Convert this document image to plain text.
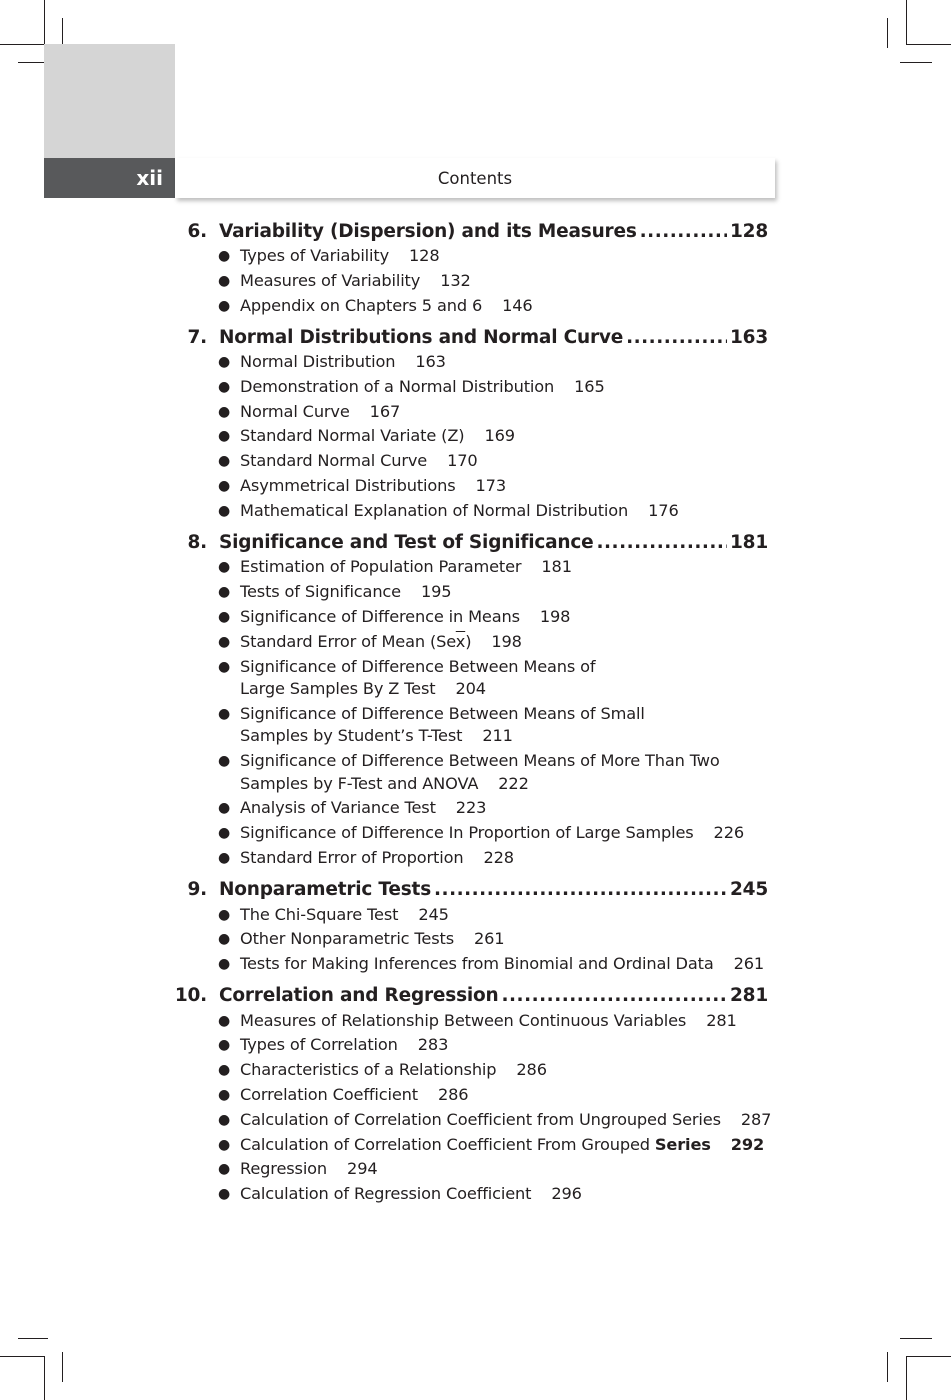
xii	Contents
6. Variability (Dispersion) and its Measures .....	128
● Types of Variability 128
● Measures of Variability 132
● Appendix on Chapters 5 and 6 146
7. Normal Distributions and Normal Curve .....	163
● Normal Distribution 163
● Demonstration of a Normal Distribution 165
● Normal Curve 167
● Standard Normal Variate (Z) 169
● Standard Normal Curve 170
● Asymmetrical Distributions 173
● Mathematical Explanation of Normal Distribution 176
8. Significance and Test of Significance .....	181
● Estimation of Population Parameter 181
● Tests of Significance 195
● Significance of Difference in Means 198
● Standard Error of Mean $(Se\overline{x})$ 198
● Significance of Difference Between Means of
Large Samples By Z Test 204
● Significance of Difference Between Means of Small
Samples by Student’s T-Test 211
● Significance of Difference Between Means of More Than Two
Samples by F-Test and ANOVA 222
● Analysis of Variance Test 223
● Significance of Difference In Proportion of Large Samples 226
● Standard Error of Proportion 228
9. Nonparametric Tests .....	245
● The Chi-Square Test 245
● Other Nonparametric Tests 261
● Tests for Making Inferences from Binomial and Ordinal Data 261
10. Correlation and Regression .....	281
● Measures of Relationship Between Continuous Variables 281
● Types of Correlation 283
● Characteristics of a Relationship 286
● Correlation Coefficient 286
● Calculation of Correlation Coefficient from Ungrouped Series 287
● Calculation of Correlation Coefficient From Grouped Series 292
● Regression 294
● Calculation of Regression Coefficient 296
